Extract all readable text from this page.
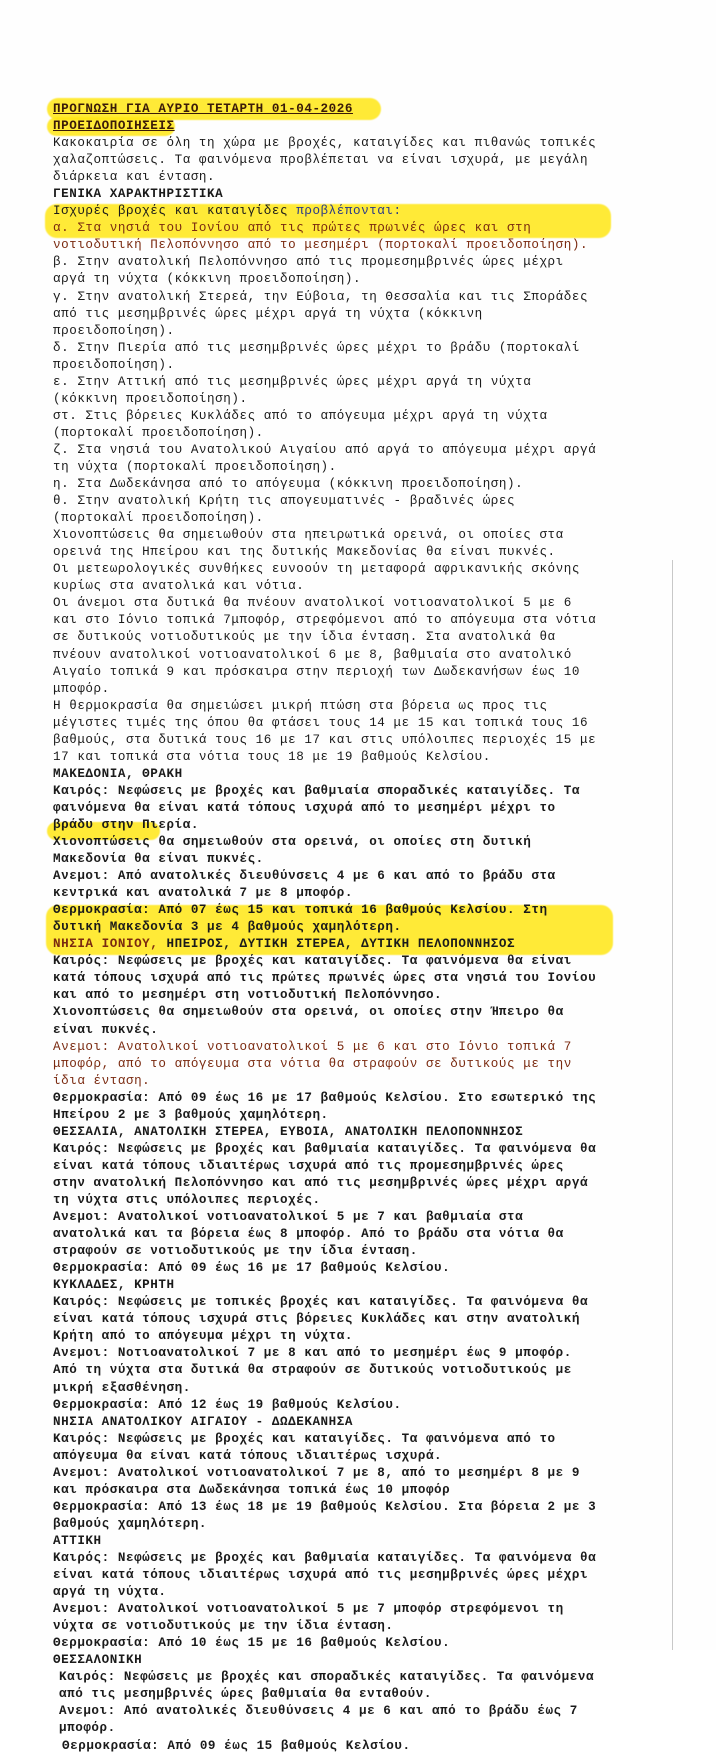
ΠΡΟΓΝΩΣΗ ΓΙΑ ΑΥΡΙΟ ΤΕΤΑΡΤΗ 01-04-2026
ΠΡΟΕΙΔΟΠΟΙΗΣΕΙΣ
Κακοκαιρία σε όλη τη χώρα με βροχές, καταιγίδες και πιθανώς τοπικές
χαλαζοπτώσεις. Τα φαινόμενα προβλέπεται να είναι ισχυρά, με μεγάλη
διάρκεια και ένταση.
ΓΕΝΙΚΑ ΧΑΡΑΚΤΗΡΙΣΤΙΚΑ
Ισχυρές βροχές και καταιγίδες προβλέπονται:
α. Στα νησιά του Ιονίου από τις πρώτες πρωινές ώρες και στη
νοτιοδυτική Πελοπόννησο από το μεσημέρι (πορτοκαλί προειδοποίηση).
β. Στην ανατολική Πελοπόννησο από τις προμεσημβρινές ώρες μέχρι
αργά τη νύχτα (κόκκινη προειδοποίηση).
γ. Στην ανατολική Στερεά, την Εύβοια, τη Θεσσαλία και τις Σποράδες
από τις μεσημβρινές ώρες μέχρι αργά τη νύχτα (κόκκινη
προειδοποίηση).
δ. Στην Πιερία από τις μεσημβρινές ώρες μέχρι το βράδυ (πορτοκαλί
προειδοποίηση).
ε. Στην Αττική από τις μεσημβρινές ώρες μέχρι αργά τη νύχτα
(κόκκινη προειδοποίηση).
στ. Στις βόρειες Κυκλάδες από το απόγευμα μέχρι αργά τη νύχτα
(πορτοκαλί προειδοποίηση).
ζ. Στα νησιά του Ανατολικού Αιγαίου από αργά το απόγευμα μέχρι αργά
τη νύχτα (πορτοκαλί προειδοποίηση).
η. Στα Δωδεκάνησα από το απόγευμα (κόκκινη προειδοποίηση).
θ. Στην ανατολική Κρήτη τις απογευματινές - βραδινές ώρες
(πορτοκαλί προειδοποίηση).
Χιονοπτώσεις θα σημειωθούν στα ηπειρωτικά ορεινά, οι οποίες στα
ορεινά της Ηπείρου και της δυτικής Μακεδονίας θα είναι πυκνές.
Οι μετεωρολογικές συνθήκες ευνοούν τη μεταφορά αφρικανικής σκόνης
κυρίως στα ανατολικά και νότια.
Οι άνεμοι στα δυτικά θα πνέουν ανατολικοί νοτιοανατολικοί 5 με 6
και στο Ιόνιο τοπικά 7μποφόρ, στρεφόμενοι από το απόγευμα στα νότια
σε δυτικούς νοτιοδυτικούς με την ίδια ένταση. Στα ανατολικά θα
πνέουν ανατολικοί νοτιοανατολικοί 6 με 8, βαθμιαία στο ανατολικό
Αιγαίο τοπικά 9 και πρόσκαιρα στην περιοχή των Δωδεκανήσων έως 10
μποφόρ.
Η θερμοκρασία θα σημειώσει μικρή πτώση στα βόρεια ως προς τις
μέγιστες τιμές της όπου θα φτάσει τους 14 με 15 και τοπικά τους 16
βαθμούς, στα δυτικά τους 16 με 17 και στις υπόλοιπες περιοχές 15 με
17 και τοπικά στα νότια τους 18 με 19 βαθμούς Κελσίου.
ΜΑΚΕΔΟΝΙΑ, ΘΡΑΚΗ
Καιρός: Νεφώσεις με βροχές και βαθμιαία σποραδικές καταιγίδες. Τα
φαινόμενα θα είναι κατά τόπους ισχυρά από το μεσημέρι μέχρι το
βράδυ στην Πιερία.
Χιονοπτώσεις θα σημειωθούν στα ορεινά, οι οποίες στη δυτική
Μακεδονία θα είναι πυκνές.
Ανεμοι: Από ανατολικές διευθύνσεις 4 με 6 και από το βράδυ στα
κεντρικά και ανατολικά 7 με 8 μποφόρ.
Θερμοκρασία: Από 07 έως 15 και τοπικά 16 βαθμούς Κελσίου. Στη
δυτική Μακεδονία 3 με 4 βαθμούς χαμηλότερη.
ΝΗΣΙΑ ΙΟΝΙΟΥ, ΗΠΕΙΡΟΣ, ΔΥΤΙΚΗ ΣΤΕΡΕΑ, ΔΥΤΙΚΗ ΠΕΛΟΠΟΝΝΗΣΟΣ
Καιρός: Νεφώσεις με βροχές και καταιγίδες. Τα φαινόμενα θα είναι
κατά τόπους ισχυρά από τις πρώτες πρωινές ώρες στα νησιά του Ιονίου
και από το μεσημέρι στη νοτιοδυτική Πελοπόννησο.
Χιονοπτώσεις θα σημειωθούν στα ορεινά, οι οποίες στην Ήπειρο θα
είναι πυκνές.
Ανεμοι: Ανατολικοί νοτιοανατολικοί 5 με 6 και στο Ιόνιο τοπικά 7
μποφόρ, από το απόγευμα στα νότια θα στραφούν σε δυτικούς με την
ίδια ένταση.
Θερμοκρασία: Από 09 έως 16 με 17 βαθμούς Κελσίου. Στο εσωτερικό της
Ηπείρου 2 με 3 βαθμούς χαμηλότερη.
ΘΕΣΣΑΛΙΑ, ΑΝΑΤΟΛΙΚΗ ΣΤΕΡΕΑ, ΕΥΒΟΙΑ, ΑΝΑΤΟΛΙΚΗ ΠΕΛΟΠΟΝΝΗΣΟΣ
Καιρός: Νεφώσεις με βροχές και βαθμιαία καταιγίδες. Τα φαινόμενα θα
είναι κατά τόπους ιδιαιτέρως ισχυρά από τις προμεσημβρινές ώρες
στην ανατολική Πελοπόννησο και από τις μεσημβρινές ώρες μέχρι αργά
τη νύχτα στις υπόλοιπες περιοχές.
Ανεμοι: Ανατολικοί νοτιοανατολικοί 5 με 7 και βαθμιαία στα
ανατολικά και τα βόρεια έως 8 μποφόρ. Από το βράδυ στα νότια θα
στραφούν σε νοτιοδυτικούς με την ίδια ένταση.
Θερμοκρασία: Από 09 έως 16 με 17 βαθμούς Κελσίου.
ΚΥΚΛΑΔΕΣ, ΚΡΗΤΗ
Καιρός: Νεφώσεις με τοπικές βροχές και καταιγίδες. Τα φαινόμενα θα
είναι κατά τόπους ισχυρά στις βόρειες Κυκλάδες και στην ανατολική
Κρήτη από το απόγευμα μέχρι τη νύχτα.
Ανεμοι: Νοτιοανατολικοί 7 με 8 και από το μεσημέρι έως 9 μποφόρ.
Από τη νύχτα στα δυτικά θα στραφούν σε δυτικούς νοτιοδυτικούς με
μικρή εξασθένηση.
Θερμοκρασία: Από 12 έως 19 βαθμούς Κελσίου.
ΝΗΣΙΑ ΑΝΑΤΟΛΙΚΟΥ ΑΙΓΑΙΟΥ - ΔΩΔΕΚΑΝΗΣΑ
Καιρός: Νεφώσεις με βροχές και καταιγίδες. Τα φαινόμενα από το
απόγευμα θα είναι κατά τόπους ιδιαιτέρως ισχυρά.
Ανεμοι: Ανατολικοί νοτιοανατολικοί 7 με 8, από το μεσημέρι 8 με 9
και πρόσκαιρα στα Δωδεκάνησα τοπικά έως 10 μποφόρ
Θερμοκρασία: Από 13 έως 18 με 19 βαθμούς Κελσίου. Στα βόρεια 2 με 3
βαθμούς χαμηλότερη.
ΑΤΤΙΚΗ
Καιρός: Νεφώσεις με βροχές και βαθμιαία καταιγίδες. Τα φαινόμενα θα
είναι κατά τόπους ιδιαιτέρως ισχυρά από τις μεσημβρινές ώρες μέχρι
αργά τη νύχτα.
Ανεμοι: Ανατολικοί νοτιοανατολικοί 5 με 7 μποφόρ στρεφόμενοι τη
νύχτα σε νοτιοδυτικούς με την ίδια ένταση.
Θερμοκρασία: Από 10 έως 15 με 16 βαθμούς Κελσίου.
ΘΕΣΣΑΛΟΝΙΚΗ
Καιρός: Νεφώσεις με βροχές και σποραδικές καταιγίδες. Τα φαινόμενα
από τις μεσημβρινές ώρες βαθμιαία θα ενταθούν.
Ανεμοι: Από ανατολικές διευθύνσεις 4 με 6 και από το βράδυ έως 7
μποφόρ.
Θερμοκρασία: Από 09 έως 15 βαθμούς Κελσίου.
